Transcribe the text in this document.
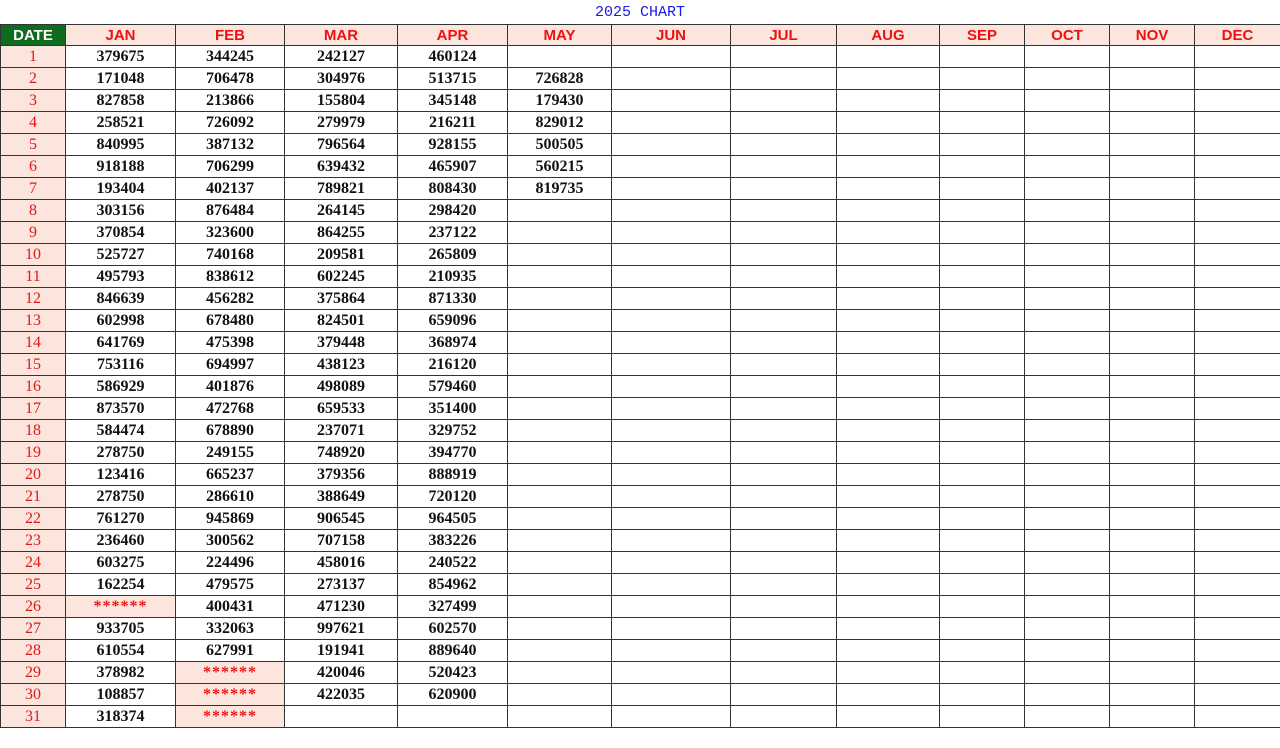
2025 CHART
DATE	JAN	FEB	MAR	APR	MAY	JUN	JUL	AUG	SEP	OCT	NOV	DEC
1	379675	344245	242127	460124								
2	171048	706478	304976	513715	726828							
3	827858	213866	155804	345148	179430							
4	258521	726092	279979	216211	829012							
5	840995	387132	796564	928155	500505							
6	918188	706299	639432	465907	560215							
7	193404	402137	789821	808430	819735							
8	303156	876484	264145	298420								
9	370854	323600	864255	237122								
10	525727	740168	209581	265809								
11	495793	838612	602245	210935								
12	846639	456282	375864	871330								
13	602998	678480	824501	659096								
14	641769	475398	379448	368974								
15	753116	694997	438123	216120								
16	586929	401876	498089	579460								
17	873570	472768	659533	351400								
18	584474	678890	237071	329752								
19	278750	249155	748920	394770								
20	123416	665237	379356	888919								
21	278750	286610	388649	720120								
22	761270	945869	906545	964505								
23	236460	300562	707158	383226								
24	603275	224496	458016	240522								
25	162254	479575	273137	854962								
26	******	400431	471230	327499								
27	933705	332063	997621	602570								
28	610554	627991	191941	889640								
29	378982	******	420046	520423								
30	108857	******	422035	620900								
31	318374	******										
